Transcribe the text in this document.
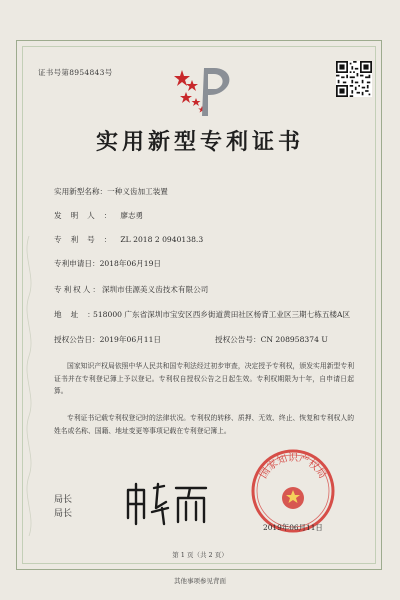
证书号第8954843号
实用新型专利证书
实用新型名称：一种义齿加工装置
发明人：廖志勇
专利号：ZL 2018 2 0940138.3
专利申请日：2018年06月19日
专利权人：深圳市佳源美义齿技术有限公司
地址：
518000 广东省深圳市宝安区西乡街道黄田社区杨背工业区三期七栋五楼A区
授权公告日：2019年06月11日	授权公告号：CN 208958374 U
国家知识产权局依照中华人民共和国专利法经过初步审查，决定授予专利权，颁发实用新型专利证书并在专利登记簿上予以登记。专利权自授权公告之日起生效。专利权期限为十年，自申请日起算。
专利证书记载专利权登记时的法律状况。专利权的转移、质押、无效、终止、恢复和专利权人的姓名或名称、国籍、地址变更等事项记载在专利登记簿上。
局长
局长
国家知识产权局
2019年06月11日
第 1 页（共 2 页）
其他事项参见背面
